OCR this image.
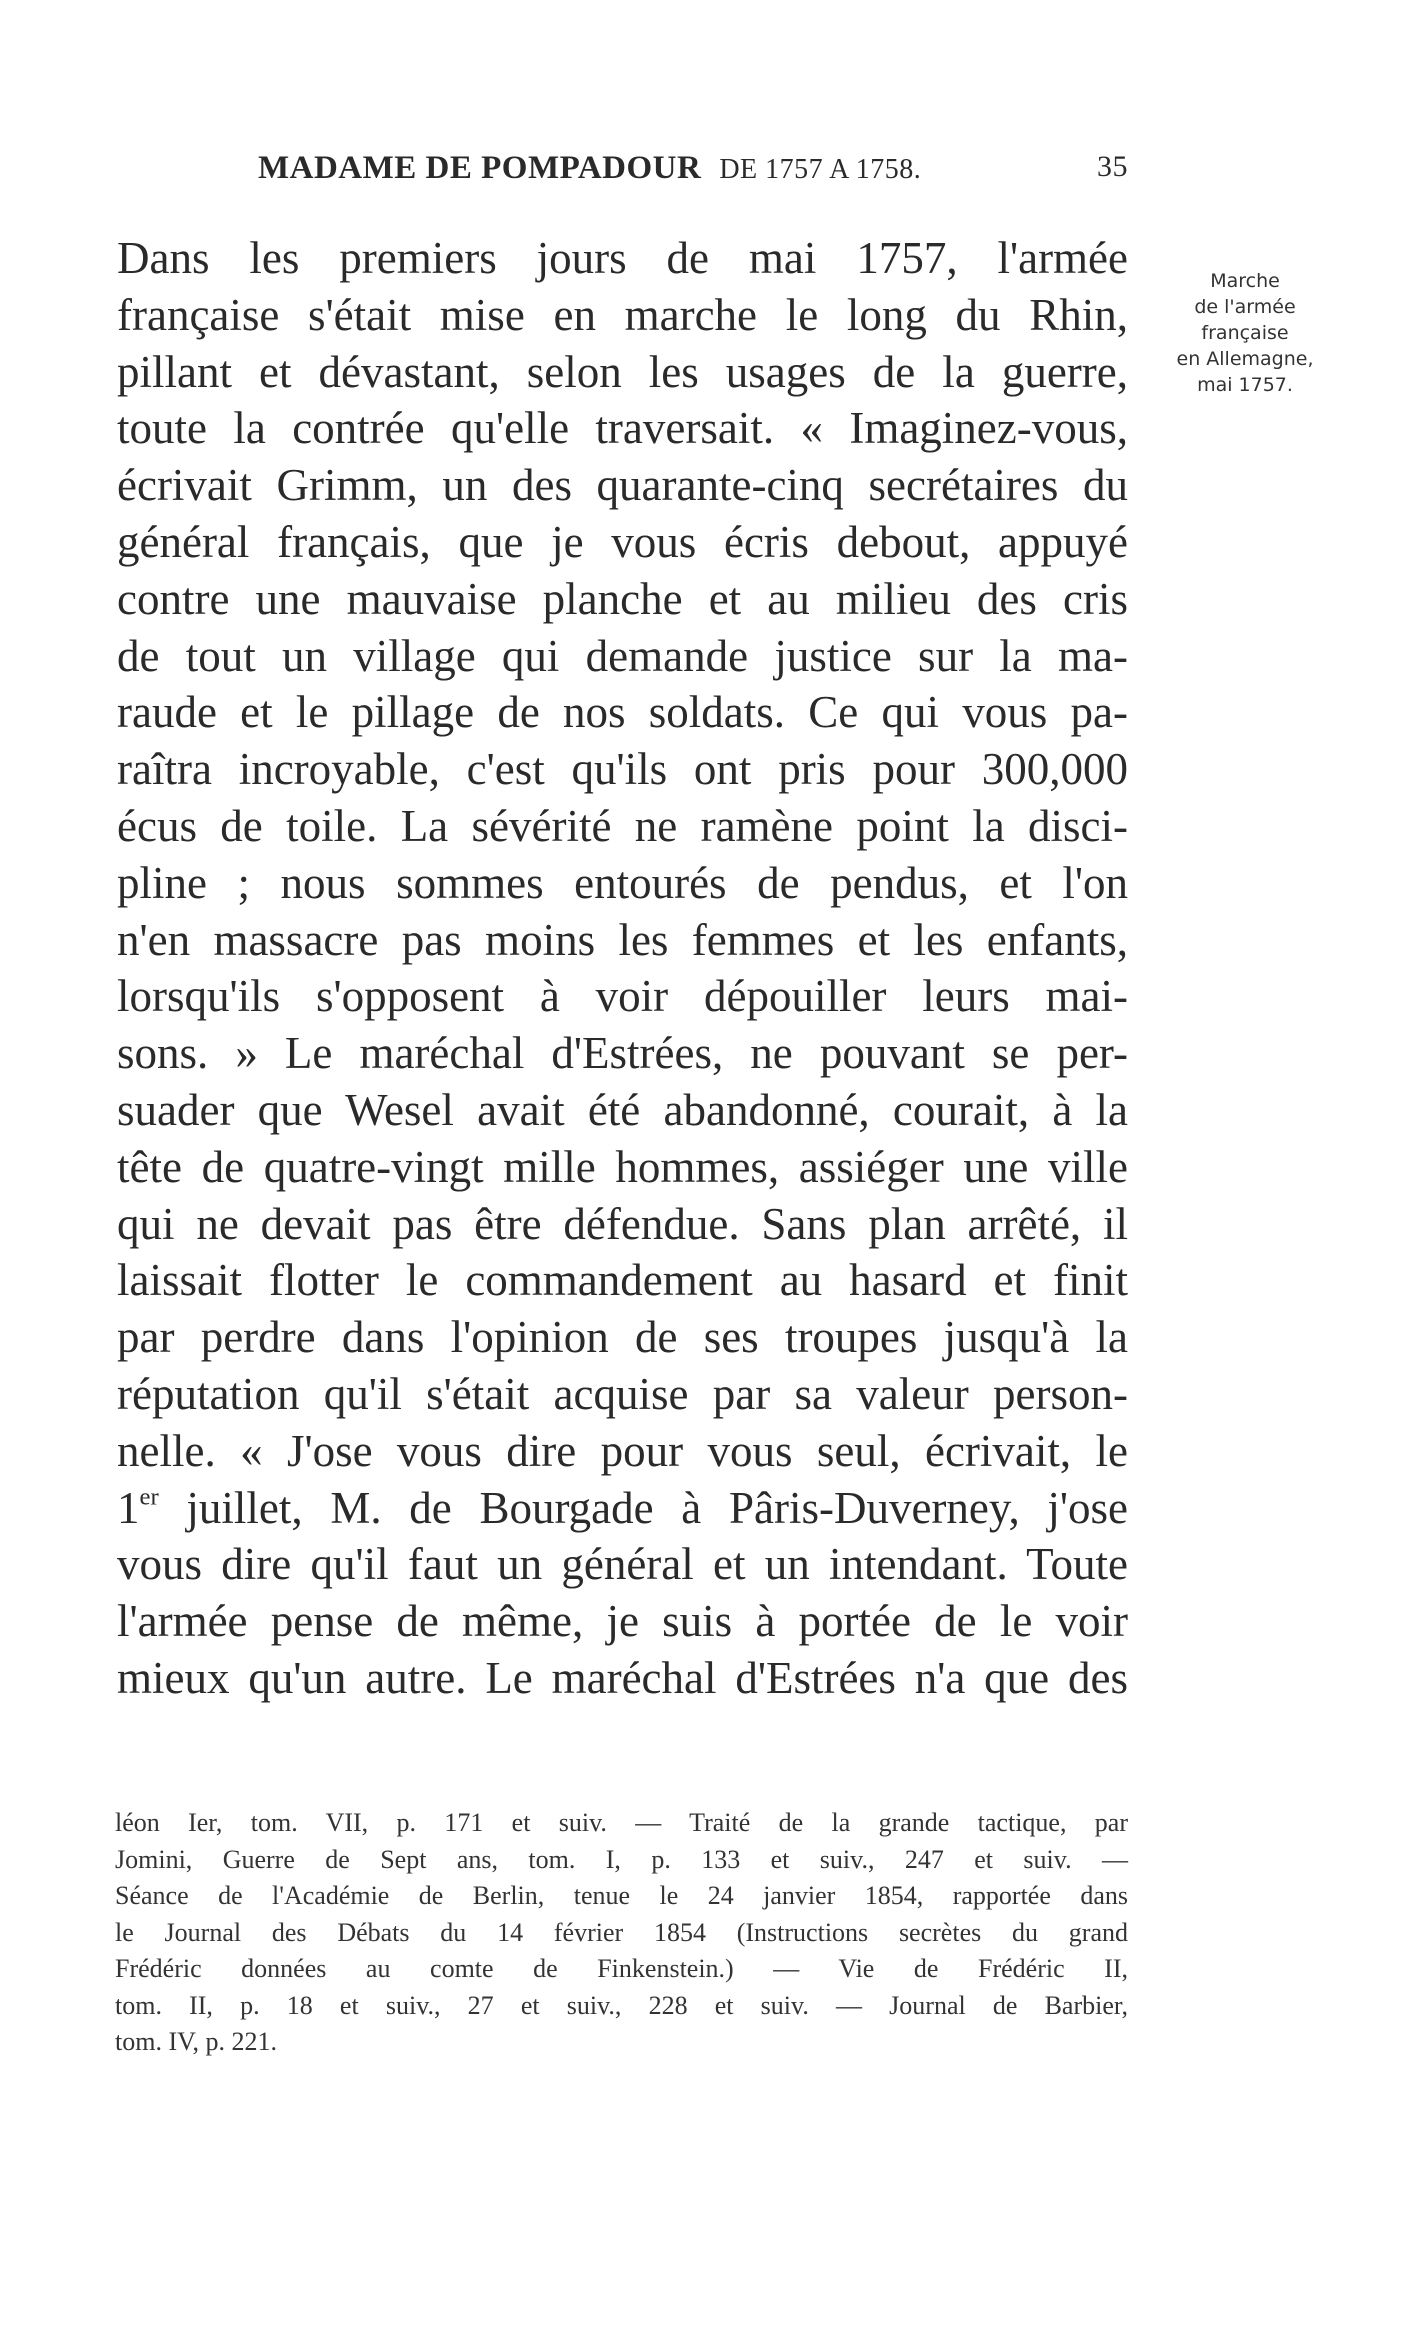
MADAME DE POMPADOUR DE 1757 A 1758.	35
Marche
de l'armée
française
en Allemagne,
mai 1757.
Dans les premiers jours de mai 1757, l'armée
française s'était mise en marche le long du Rhin,
pillant et dévastant, selon les usages de la guerre,
toute la contrée qu'elle traversait. « Imaginez-vous,
écrivait Grimm, un des quarante-cinq secrétaires du
général français, que je vous écris debout, appuyé
contre une mauvaise planche et au milieu des cris
de tout un village qui demande justice sur la ma-
raude et le pillage de nos soldats. Ce qui vous pa-
raîtra incroyable, c'est qu'ils ont pris pour 300,000
écus de toile. La sévérité ne ramène point la disci-
pline ; nous sommes entourés de pendus, et l'on
n'en massacre pas moins les femmes et les enfants,
lorsqu'ils s'opposent à voir dépouiller leurs mai-
sons. » Le maréchal d'Estrées, ne pouvant se per-
suader que Wesel avait été abandonné, courait, à la
tête de quatre-vingt mille hommes, assiéger une ville
qui ne devait pas être défendue. Sans plan arrêté, il
laissait flotter le commandement au hasard et finit
par perdre dans l'opinion de ses troupes jusqu'à la
réputation qu'il s'était acquise par sa valeur person-
nelle. « J'ose vous dire pour vous seul, écrivait, le
1er juillet, M. de Bourgade à Pâris-Duverney, j'ose
vous dire qu'il faut un général et un intendant. Toute
l'armée pense de même, je suis à portée de le voir
mieux qu'un autre. Le maréchal d'Estrées n'a que des
léon Ier, tom. VII, p. 171 et suiv. — Traité de la grande tactique, par
Jomini, Guerre de Sept ans, tom. I, p. 133 et suiv., 247 et suiv. —
Séance de l'Académie de Berlin, tenue le 24 janvier 1854, rapportée dans
le Journal des Débats du 14 février 1854 (Instructions secrètes du grand
Frédéric données au comte de Finkenstein.) — Vie de Frédéric II,
tom. II, p. 18 et suiv., 27 et suiv., 228 et suiv. — Journal de Barbier,
tom. IV, p. 221.
